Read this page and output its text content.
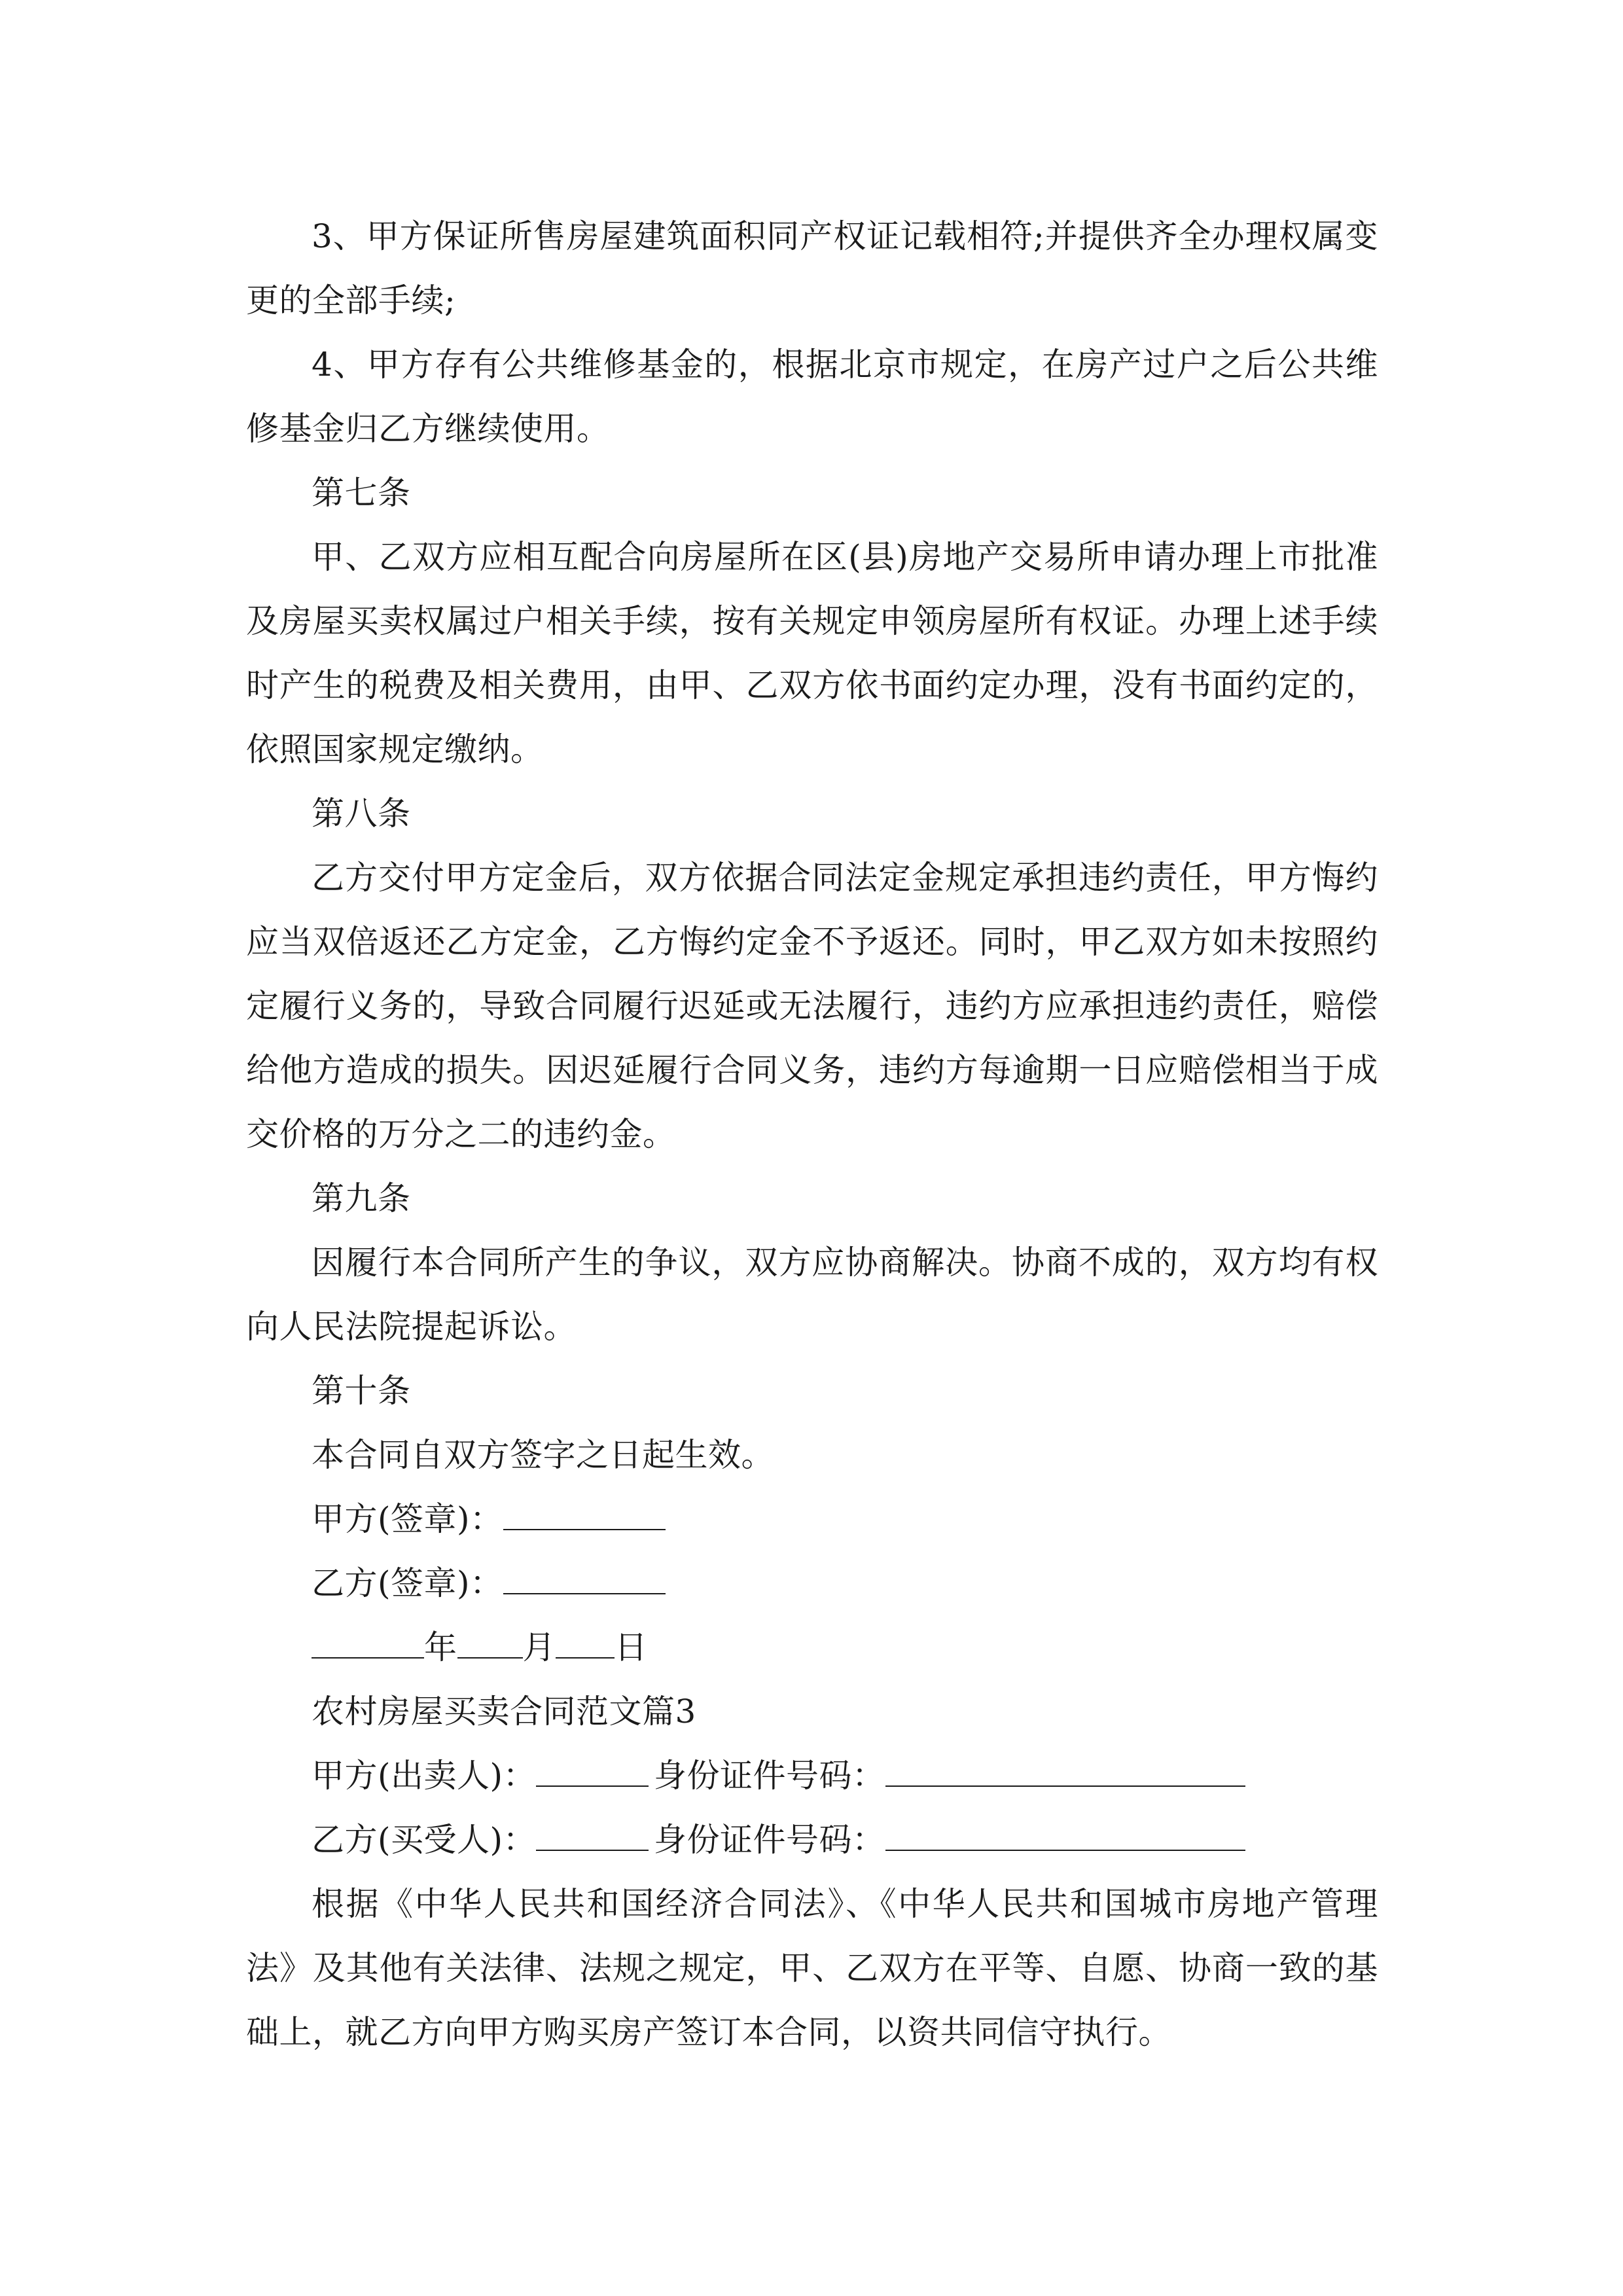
3、甲方保证所售房屋建筑面积同产权证记载相符;并提供齐全办理权属变更的全部手续;

4、甲方存有公共维修基金的，根据北京市规定，在房产过户之后公共维修基金归乙方继续使用。

第七条

甲、乙双方应相互配合向房屋所在区(县)房地产交易所申请办理上市批准及房屋买卖权属过户相关手续，按有关规定申领房屋所有权证。办理上述手续时产生的税费及相关费用，由甲、乙双方依书面约定办理，没有书面约定的，依照国家规定缴纳。

第八条

乙方交付甲方定金后，双方依据合同法定金规定承担违约责任，甲方悔约应当双倍返还乙方定金，乙方悔约定金不予返还。同时，甲乙双方如未按照约定履行义务的，导致合同履行迟延或无法履行，违约方应承担违约责任，赔偿给他方造成的损失。因迟延履行合同义务，违约方每逾期一日应赔偿相当于成交价格的万分之二的违约金。

第九条

因履行本合同所产生的争议，双方应协商解决。协商不成的，双方均有权向人民法院提起诉讼。

第十条

本合同自双方签字之日起生效。

甲方(签章)：

乙方(签章)：

年 月 日

农村房屋买卖合同范文篇3

甲方(出卖人)：	身份证件号码：

乙方(买受人)：	身份证件号码：

根据《中华人民共和国经济合同法》、《中华人民共和国城市房地产管理法》及其他有关法律、法规之规定，甲、乙双方在平等、自愿、协商一致的基础上，就乙方向甲方购买房产签订本合同，以资共同信守执行。
